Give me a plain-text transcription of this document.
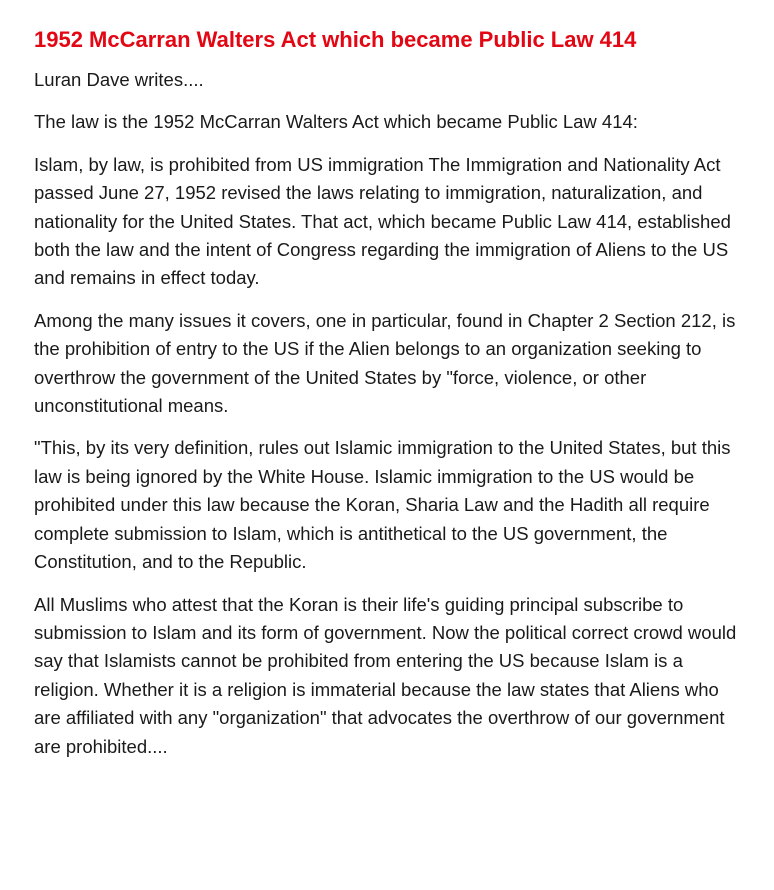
1952 McCarran Walters Act which became Public Law 414

Luran Dave writes....

The law is the 1952 McCarran Walters Act which became Public Law 414:

Islam, by law, is prohibited from US immigration The Immigration and Nationality Act passed June 27, 1952 revised the laws relating to immigration, naturalization, and nationality for the United States. That act, which became Public Law 414, established both the law and the intent of Congress regarding the immigration of Aliens to the US and remains in effect today.

Among the many issues it covers, one in particular, found in Chapter 2 Section 212, is the prohibition of entry to the US if the Alien belongs to an organization seeking to overthrow the government of the United States by "force, violence, or other unconstitutional means.

"This, by its very definition, rules out Islamic immigration to the United States, but this law is being ignored by the White House. Islamic immigration to the US would be prohibited under this law because the Koran, Sharia Law and the Hadith all require complete submission to Islam, which is antithetical to the US government, the Constitution, and to the Republic.

All Muslims who attest that the Koran is their life's guiding principal subscribe to submission to Islam and its form of government. Now the political correct crowd would say that Islamists cannot be prohibited from entering the US because Islam is a religion. Whether it is a religion is immaterial because the law states that Aliens who are affiliated with any "organization" that advocates the overthrow of our government are prohibited....
